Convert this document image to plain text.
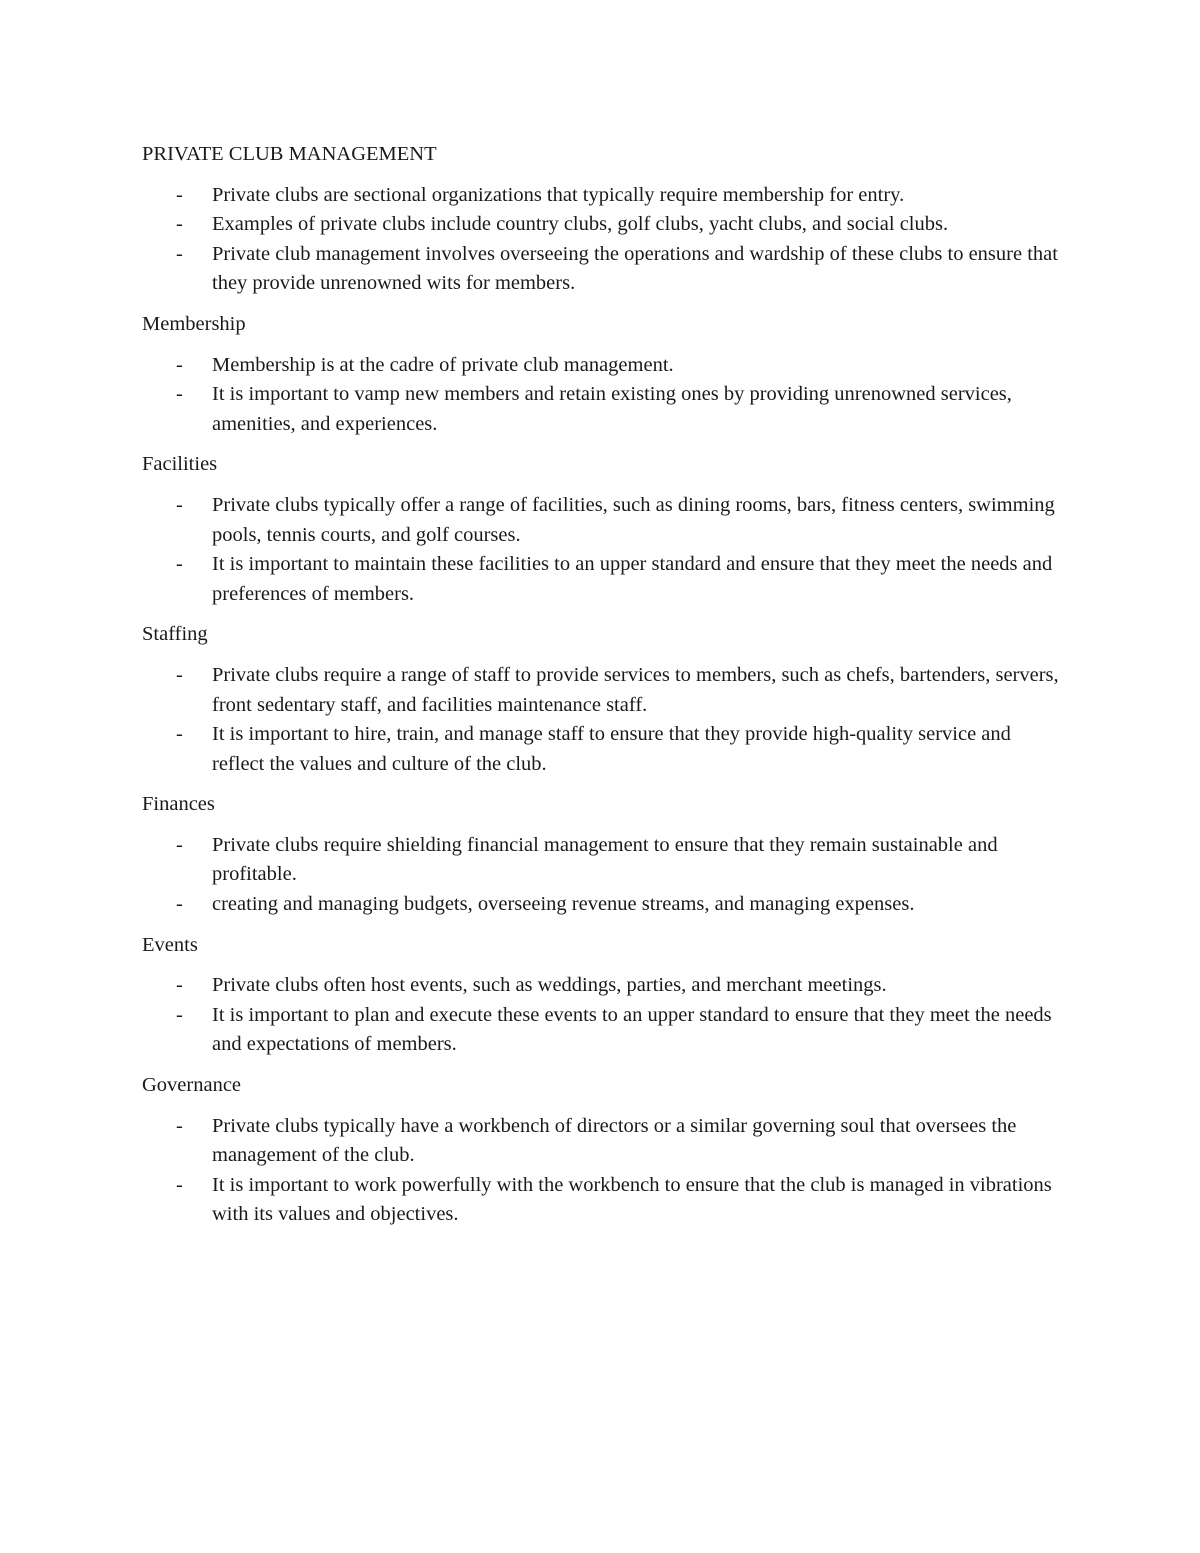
PRIVATE CLUB MANAGEMENT

- Private clubs are sectional organizations that typically require membership for entry.
- Examples of private clubs include country clubs, golf clubs, yacht clubs, and social clubs.
- Private club management involves overseeing the operations and wardship of these clubs to ensure that they provide unrenowned wits for members.

Membership

- Membership is at the cadre of private club management.
- It is important to vamp new members and retain existing ones by providing unrenowned services, amenities, and experiences.

Facilities

- Private clubs typically offer a range of facilities, such as dining rooms, bars, fitness centers, swimming pools, tennis courts, and golf courses.
- It is important to maintain these facilities to an upper standard and ensure that they meet the needs and preferences of members.

Staffing

- Private clubs require a range of staff to provide services to members, such as chefs, bartenders, servers, front sedentary staff, and facilities maintenance staff.
- It is important to hire, train, and manage staff to ensure that they provide high-quality service and reflect the values and culture of the club.

Finances

- Private clubs require shielding financial management to ensure that they remain sustainable and profitable.
- creating and managing budgets, overseeing revenue streams, and managing expenses.

Events

- Private clubs often host events, such as weddings, parties, and merchant meetings.
- It is important to plan and execute these events to an upper standard to ensure that they meet the needs and expectations of members.

Governance

- Private clubs typically have a workbench of directors or a similar governing soul that oversees the management of the club.
- It is important to work powerfully with the workbench to ensure that the club is managed in vibrations with its values and objectives.
